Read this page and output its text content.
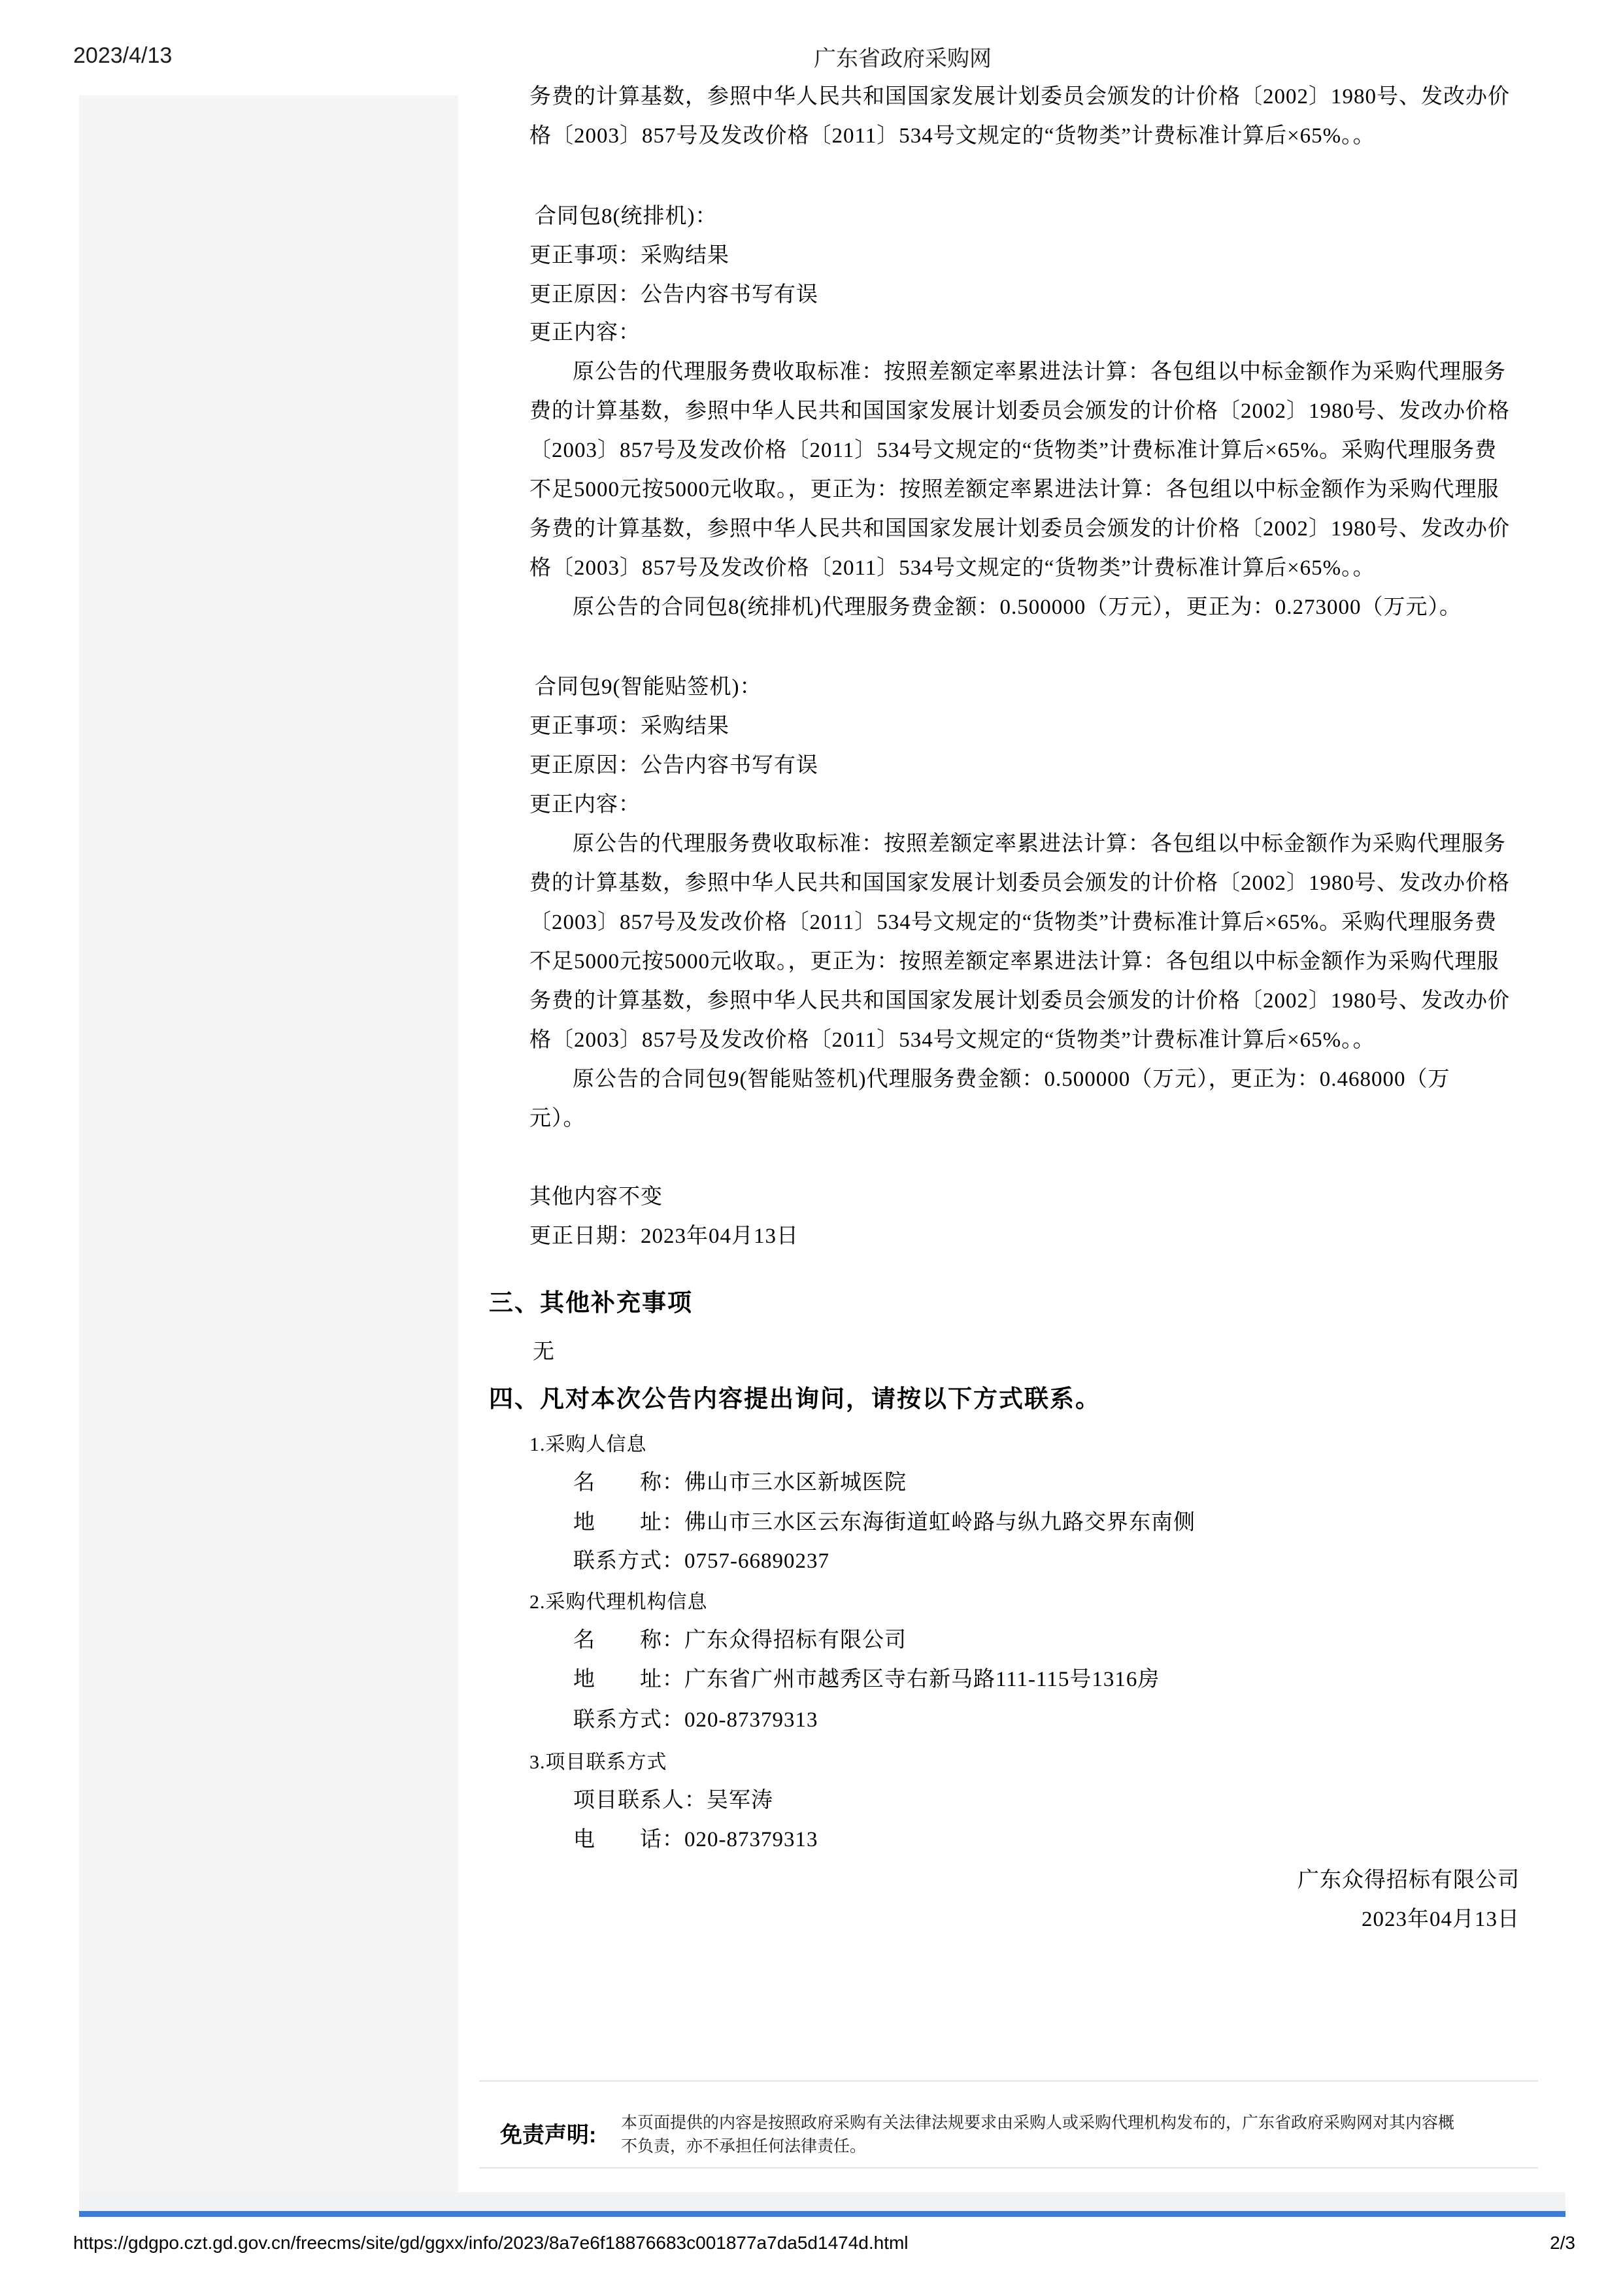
2023/4/13	广东省政府采购网
务费的计算基数，参照中华人民共和国国家发展计划委员会颁发的计价格〔2002〕1980号、发改办价
格〔2003〕857号及发改价格〔2011〕534号文规定的“货物类”计费标准计算后×65%。。
合同包8(统排机)：
更正事项：采购结果
更正原因：公告内容书写有误
更正内容：
原公告的代理服务费收取标准：按照差额定率累进法计算：各包组以中标金额作为采购代理服务
费的计算基数，参照中华人民共和国国家发展计划委员会颁发的计价格〔2002〕1980号、发改办价格
〔2003〕857号及发改价格〔2011〕534号文规定的“货物类”计费标准计算后×65%。采购代理服务费
不足5000元按5000元收取。，更正为：按照差额定率累进法计算：各包组以中标金额作为采购代理服
务费的计算基数，参照中华人民共和国国家发展计划委员会颁发的计价格〔2002〕1980号、发改办价
格〔2003〕857号及发改价格〔2011〕534号文规定的“货物类”计费标准计算后×65%。。
原公告的合同包8(统排机)代理服务费金额：0.500000（万元），更正为：0.273000（万元）。
合同包9(智能贴签机)：
更正事项：采购结果
更正原因：公告内容书写有误
更正内容：
原公告的代理服务费收取标准：按照差额定率累进法计算：各包组以中标金额作为采购代理服务
费的计算基数，参照中华人民共和国国家发展计划委员会颁发的计价格〔2002〕1980号、发改办价格
〔2003〕857号及发改价格〔2011〕534号文规定的“货物类”计费标准计算后×65%。采购代理服务费
不足5000元按5000元收取。，更正为：按照差额定率累进法计算：各包组以中标金额作为采购代理服
务费的计算基数，参照中华人民共和国国家发展计划委员会颁发的计价格〔2002〕1980号、发改办价
格〔2003〕857号及发改价格〔2011〕534号文规定的“货物类”计费标准计算后×65%。。
原公告的合同包9(智能贴签机)代理服务费金额：0.500000（万元），更正为：0.468000（万
元）。
其他内容不变
更正日期：2023年04月13日
三、其他补充事项
无
四、凡对本次公告内容提出询问，请按以下方式联系。
1.采购人信息
名　　称：佛山市三水区新城医院
地　　址：佛山市三水区云东海街道虹岭路与纵九路交界东南侧
联系方式：0757-66890237
2.采购代理机构信息
名　　称：广东众得招标有限公司
地　　址：广东省广州市越秀区寺右新马路111-115号1316房
联系方式：020-87379313
3.项目联系方式
项目联系人：吴军涛
电　　话：020-87379313
广东众得招标有限公司
2023年04月13日
免责声明: 本页面提供的内容是按照政府采购有关法律法规要求由采购人或采购代理机构发布的，广东省政府采购网对其内容概
不负责，亦不承担任何法律责任。
https://gdgpo.czt.gd.gov.cn/freecms/site/gd/ggxx/info/2023/8a7e6f18876683c001877a7da5d1474d.html	2/3
